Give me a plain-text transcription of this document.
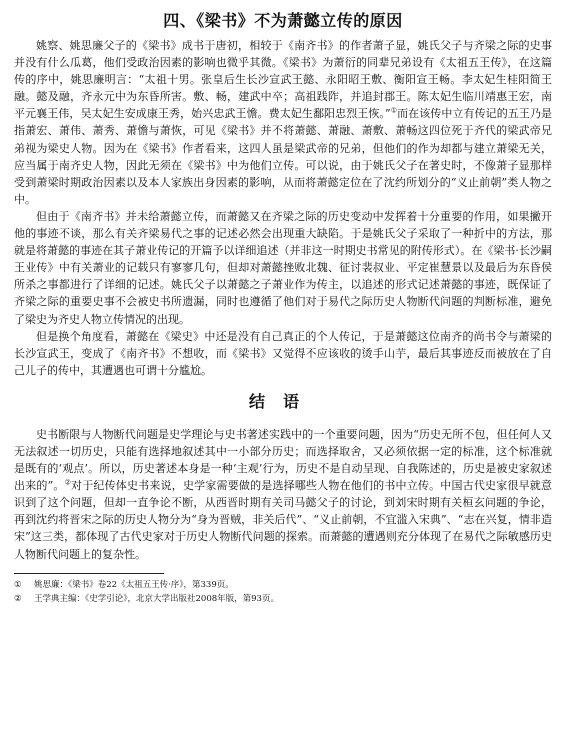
四、《梁书》不为萧懿立传的原因

姚察、姚思廉父子的《梁书》成书于唐初，相较于《南齐书》的作者萧子显，姚氏父子与齐梁之际的史事并没有什么瓜葛，他们受政治因素的影响也微乎其微。《梁书》为萧衍的同辈兄弟设有《太祖五王传》，在这篇传的序中，姚思廉明言：“太祖十男。张皇后生长沙宣武王懿、永阳昭王敷、衡阳宣王畅。李太妃生桂阳简王融。懿及融，齐永元中为东昏所害。敷、畅，建武中卒；高祖践阼，并追封郡王。陈太妃生临川靖惠王宏，南平元襄王伟，吴太妃生安成康王秀，始兴忠武王憺。费太妃生鄱阳忠烈王恢。”①而在该传中立有传记的五王乃是指萧宏、萧伟、萧秀、萧憺与萧恢，可见《梁书》并不将萧懿、萧融、萧敷、萧畅这四位死于齐代的梁武帝兄弟视为梁史人物。因为在《梁书》作者看来，这四人虽是梁武帝的兄弟，但他们的作为却都与建立萧梁无关，应当属于南齐史人物，因此无须在《梁书》中为他们立传。可以说，由于姚氏父子在著史时，不像萧子显那样受到萧梁时期政治因素以及本人家族出身因素的影响，从而将萧懿定位在了沈约所划分的“义止前朝”类人物之中。

但由于《南齐书》并未给萧懿立传，而萧懿又在齐梁之际的历史变动中发挥着十分重要的作用，如果撇开他的事迹不谈，那么有关齐梁易代之事的记述必然会出现重大缺陷。于是姚氏父子采取了一种折中的方法，那就是将萧懿的事迹在其子萧业传记的开篇予以详细追述（并非这一时期史书常见的附传形式）。在《梁书·长沙嗣王业传》中有关萧业的记载只有寥寥几句，但却对萧懿挫败北魏、征讨裴叔业、平定崔慧景以及最后为东昏侯所杀之事都进行了详细的记述。姚氏父子以萧懿之子萧业作为传主，以追述的形式记述萧懿的事迹，既保证了齐梁之际的重要史事不会被史书所遗漏，同时也遵循了他们对于易代之际历史人物断代问题的判断标准，避免了梁史为齐史人物立传情况的出现。

但是换个角度看，萧懿在《梁史》中还是没有自己真正的个人传记，于是萧懿这位南齐的尚书令与萧梁的长沙宣武王，变成了《南齐书》不想收，而《梁书》又觉得不应该收的烫手山芋，最后其事迹反而被放在了自己儿子的传中，其遭遇也可谓十分尴尬。

结语

史书断限与人物断代问题是史学理论与史书著述实践中的一个重要问题，因为“历史无所不包，但任何人又无法叙述一切历史，只能有选择地叙述其中一小部分历史；而选择取舍，又必须依据一定的标准，这个标准就是既有的‘观点’。所以，历史著述本身是一种‘主观’行为，历史不是自动呈现、自我陈述的，历史是被史家叙述出来的”。②对于纪传体史书来说，史学家需要做的是选择哪些人物在他们的书中立传。中国古代史家很早就意识到了这个问题，但却一直争论不断，从西晋时期有关司马懿父子的讨论，到刘宋时期有关桓玄问题的争论，再到沈约将晋宋之际的历史人物分为“身为晋贼，非关后代”、“义止前朝，不宜滥入宋典”、“志在兴复，情非造宋”这三类，都体现了古代史家对于历史人物断代问题的探索。而萧懿的遭遇则充分体现了在易代之际敏感历史人物断代问题上的复杂性。

① 姚思廉：《梁书》卷22《太祖五王传·序》，第339页。

② 王学典主编：《史学引论》，北京大学出版社2008年版，第93页。
